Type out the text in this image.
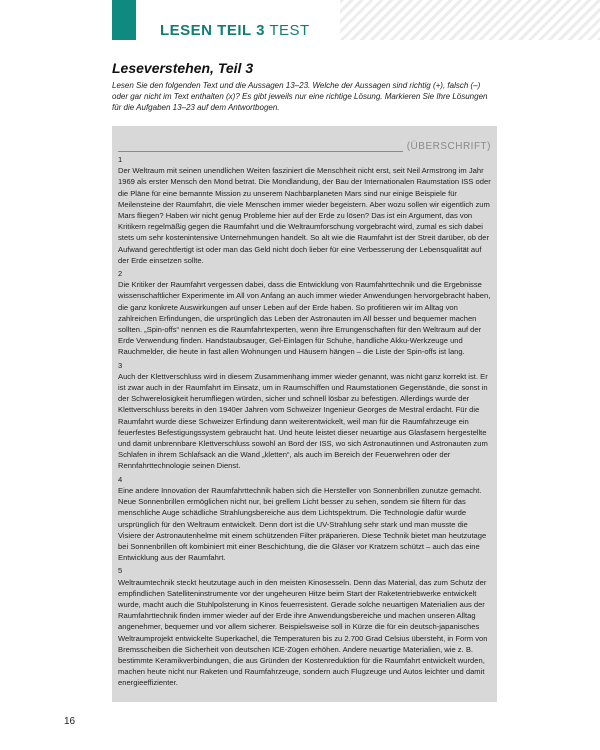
LESEN TEIL 3 TEST
Leseverstehen, Teil 3
Lesen Sie den folgenden Text und die Aussagen 13–23. Welche der Aussagen sind richtig (+), falsch (–) oder gar nicht im Text enthalten (x)? Es gibt jeweils nur eine richtige Lösung. Markieren Sie Ihre Lösungen für die Aufgaben 13–23 auf dem Antwortbogen.
(ÜBERSCHRIFT)
1
Der Weltraum mit seinen unendlichen Weiten fasziniert die Menschheit nicht erst, seit Neil Armstrong im Jahr 1969 als erster Mensch den Mond betrat. Die Mondlandung, der Bau der Internationalen Raumstation ISS oder die Pläne für eine bemannte Mission zu unserem Nachbarplaneten Mars sind nur einige Beispiele für Meilensteine der Raumfahrt, die viele Menschen immer wieder begeistern. Aber wozu sollen wir eigentlich zum Mars fliegen? Haben wir nicht genug Probleme hier auf der Erde zu lösen? Das ist ein Argument, das von Kritikern regelmäßig gegen die Raumfahrt und die Weltraumforschung vorgebracht wird, zumal es sich dabei stets um sehr kostenintensive Unternehmungen handelt. So alt wie die Raumfahrt ist der Streit darüber, ob der Aufwand gerechtfertigt ist oder man das Geld nicht doch lieber für eine Verbesserung der Lebensqualität auf der Erde einsetzen sollte.
2
Die Kritiker der Raumfahrt vergessen dabei, dass die Entwicklung von Raumfahrttechnik und die Ergebnisse wissenschaftlicher Experimente im All von Anfang an auch immer wieder Anwendungen hervorgebracht haben, die ganz konkrete Auswirkungen auf unser Leben auf der Erde haben. So profitieren wir im Alltag von zahlreichen Erfindungen, die ursprünglich das Leben der Astronauten im All besser und bequemer machen sollten. „Spin-offs“ nennen es die Raumfahrtexperten, wenn ihre Errungenschaften für den Weltraum auf der Erde Verwendung finden. Handstaubsauger, Gel-Einlagen für Schuhe, handliche Akku-Werkzeuge und Rauchmelder, die heute in fast allen Wohnungen und Häusern hängen – die Liste der Spin-offs ist lang.
3
Auch der Klettverschluss wird in diesem Zusammenhang immer wieder genannt, was nicht ganz korrekt ist. Er ist zwar auch in der Raumfahrt im Einsatz, um in Raumschiffen und Raumstationen Gegenstände, die sonst in der Schwerelosigkeit herumfliegen würden, sicher und schnell lösbar zu befestigen. Allerdings wurde der Klettverschluss bereits in den 1940er Jahren vom Schweizer Ingenieur Georges de Mestral erdacht. Für die Raumfahrt wurde diese Schweizer Erfindung dann weiterentwickelt, weil man für die Raumfahrzeuge ein feuerfestes Befestigungssystem gebraucht hat. Und heute leistet dieser neuartige aus Glasfasern hergestellte und damit unbrennbare Klettverschluss sowohl an Bord der ISS, wo sich Astronautinnen und Astronauten zum Schlafen in ihrem Schlafsack an die Wand „kletten“, als auch im Bereich der Feuerwehren oder der Rennfahrttechnologie seinen Dienst.
4
Eine andere Innovation der Raumfahrttechnik haben sich die Hersteller von Sonnenbrillen zunutze gemacht. Neue Sonnenbrillen ermöglichen nicht nur, bei grellem Licht besser zu sehen, sondern sie filtern für das menschliche Auge schädliche Strahlungsbereiche aus dem Lichtspektrum. Die Technologie dafür wurde ursprünglich für den Weltraum entwickelt. Denn dort ist die UV-Strahlung sehr stark und man musste die Visiere der Astronautenhelme mit einem schützenden Filter präparieren. Diese Technik bietet man heutzutage bei Sonnenbrillen oft kombiniert mit einer Beschichtung, die die Gläser vor Kratzern schützt – auch das eine Entwicklung aus der Raumfahrt.
5
Weltraumtechnik steckt heutzutage auch in den meisten Kinosesseln. Denn das Material, das zum Schutz der empfindlichen Satelliteninstrumente vor der ungeheuren Hitze beim Start der Raketentriebwerke entwickelt wurde, macht auch die Stuhlpolsterung in Kinos feuerresistent. Gerade solche neuartigen Materialien aus der Raumfahrttechnik finden immer wieder auf der Erde ihre Anwendungsbereiche und machen unseren Alltag angenehmer, bequemer und vor allem sicherer. Beispielsweise soll in Kürze die für ein deutsch-japanisches Weltraumprojekt entwickelte Superkachel, die Temperaturen bis zu 2.700 Grad Celsius übersteht, in Form von Bremsscheiben die Sicherheit von deutschen ICE-Zügen erhöhen. Andere neuartige Materialien, wie z. B. bestimmte Keramikverbindungen, die aus Gründen der Kostenreduktion für die Raumfahrt entwickelt wurden, machen heute nicht nur Raketen und Raumfahrzeuge, sondern auch Flugzeuge und Autos leichter und damit energieeffizienter.
16
